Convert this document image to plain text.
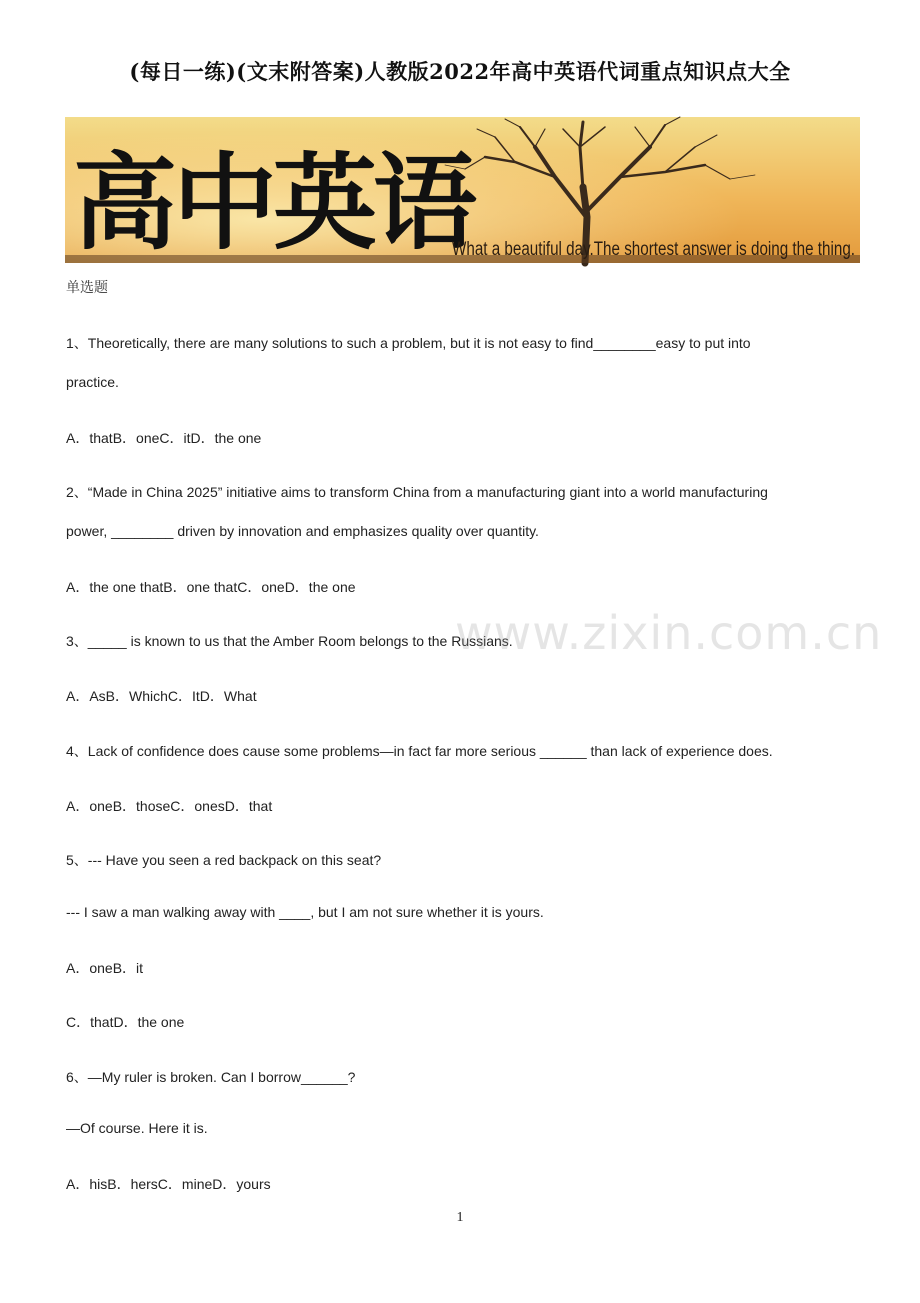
(每日一练)(文末附答案)人教版2022年高中英语代词重点知识点大全
高中英语
What a beautiful day.The shortest answer is doing the thing.
单选题
1、Theoretically, there are many solutions to such a problem, but it is not easy to find________easy to put into
practice.
A．thatB．oneC．itD．the one
2、“Made in China 2025” initiative aims to transform China from a manufacturing giant into a world manufacturing
power, ________ driven by innovation and emphasizes quality over quantity.
A．the one thatB．one thatC．oneD．the one
3、_____ is known to us that the Amber Room belongs to the Russians.
A．AsB．WhichC．ItD．What
4、Lack of confidence does cause some problems—in fact far more serious ______ than lack of experience does.
A．oneB．thoseC．onesD．that
5、--- Have you seen a red backpack on this seat?
--- I saw a man walking away with ____, but I am not sure whether it is yours.
A．oneB．it
C．thatD．the one
6、—My ruler is broken. Can I borrow______?
—Of course. Here it is.
A．hisB．hersC．mineD．yours
www.zixin.com.cn
1
